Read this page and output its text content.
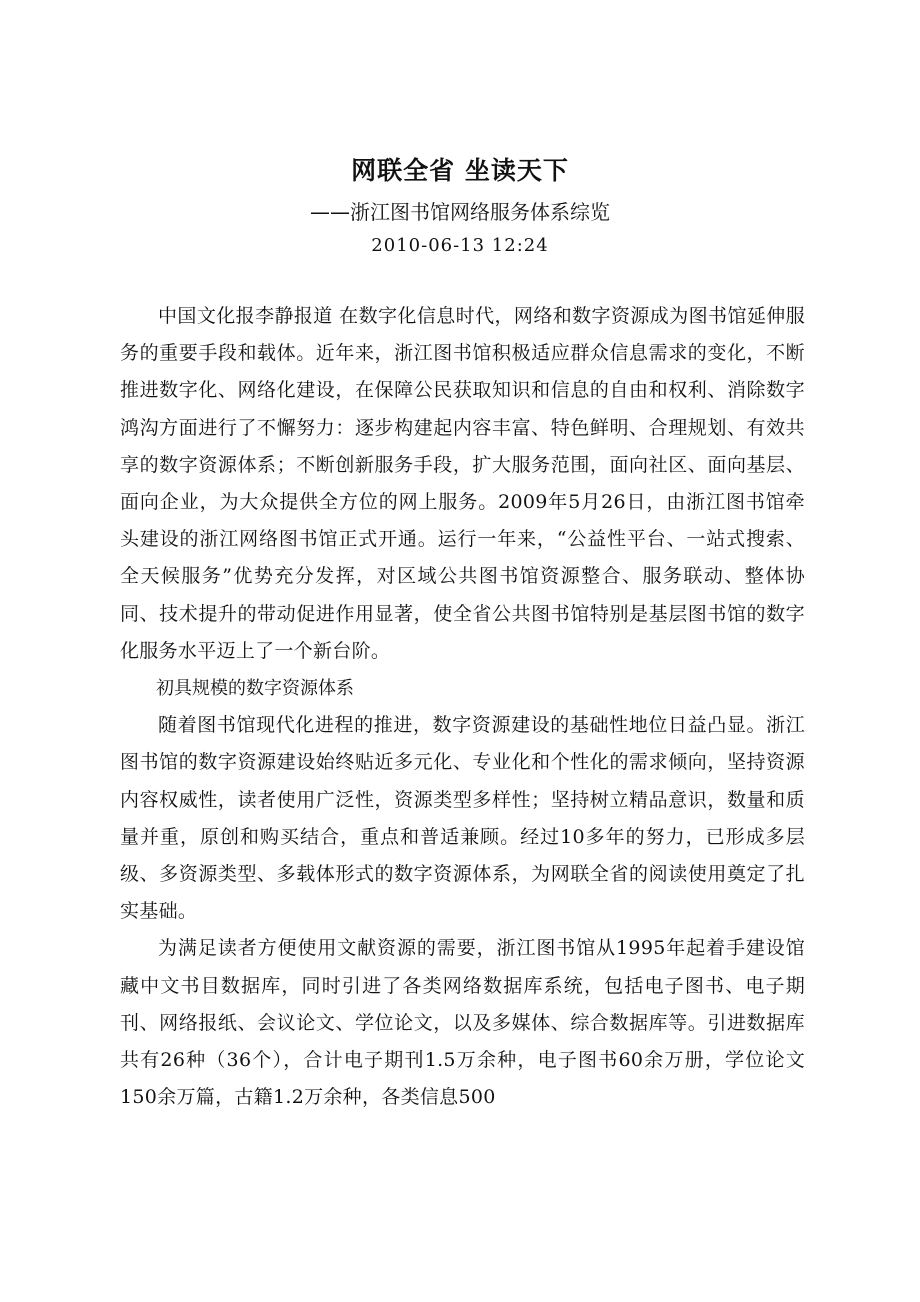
网联全省 坐读天下
——浙江图书馆网络服务体系综览
2010-06-13 12:24

中国文化报李静报道 在数字化信息时代，网络和数字资源成为图书馆延伸服务的重要手段和载体。近年来，浙江图书馆积极适应群众信息需求的变化，不断推进数字化、网络化建设，在保障公民获取知识和信息的自由和权利、消除数字鸿沟方面进行了不懈努力：逐步构建起内容丰富、特色鲜明、合理规划、有效共享的数字资源体系；不断创新服务手段，扩大服务范围，面向社区、面向基层、面向企业，为大众提供全方位的网上服务。2009年5月26日，由浙江图书馆牵头建设的浙江网络图书馆正式开通。运行一年来，“公益性平台、一站式搜索、全天候服务”优势充分发挥，对区域公共图书馆资源整合、服务联动、整体协同、技术提升的带动促进作用显著，使全省公共图书馆特别是基层图书馆的数字化服务水平迈上了一个新台阶。

初具规模的数字资源体系

随着图书馆现代化进程的推进，数字资源建设的基础性地位日益凸显。浙江图书馆的数字资源建设始终贴近多元化、专业化和个性化的需求倾向，坚持资源内容权威性，读者使用广泛性，资源类型多样性；坚持树立精品意识，数量和质量并重，原创和购买结合，重点和普适兼顾。经过10多年的努力，已形成多层级、多资源类型、多载体形式的数字资源体系，为网联全省的阅读使用奠定了扎实基础。

为满足读者方便使用文献资源的需要，浙江图书馆从1995年起着手建设馆藏中文书目数据库，同时引进了各类网络数据库系统，包括电子图书、电子期刊、网络报纸、会议论文、学位论文，以及多媒体、综合数据库等。引进数据库共有26种（36个），合计电子期刊1.5万余种，电子图书60余万册，学位论文150余万篇，古籍1.2万余种，各类信息500
